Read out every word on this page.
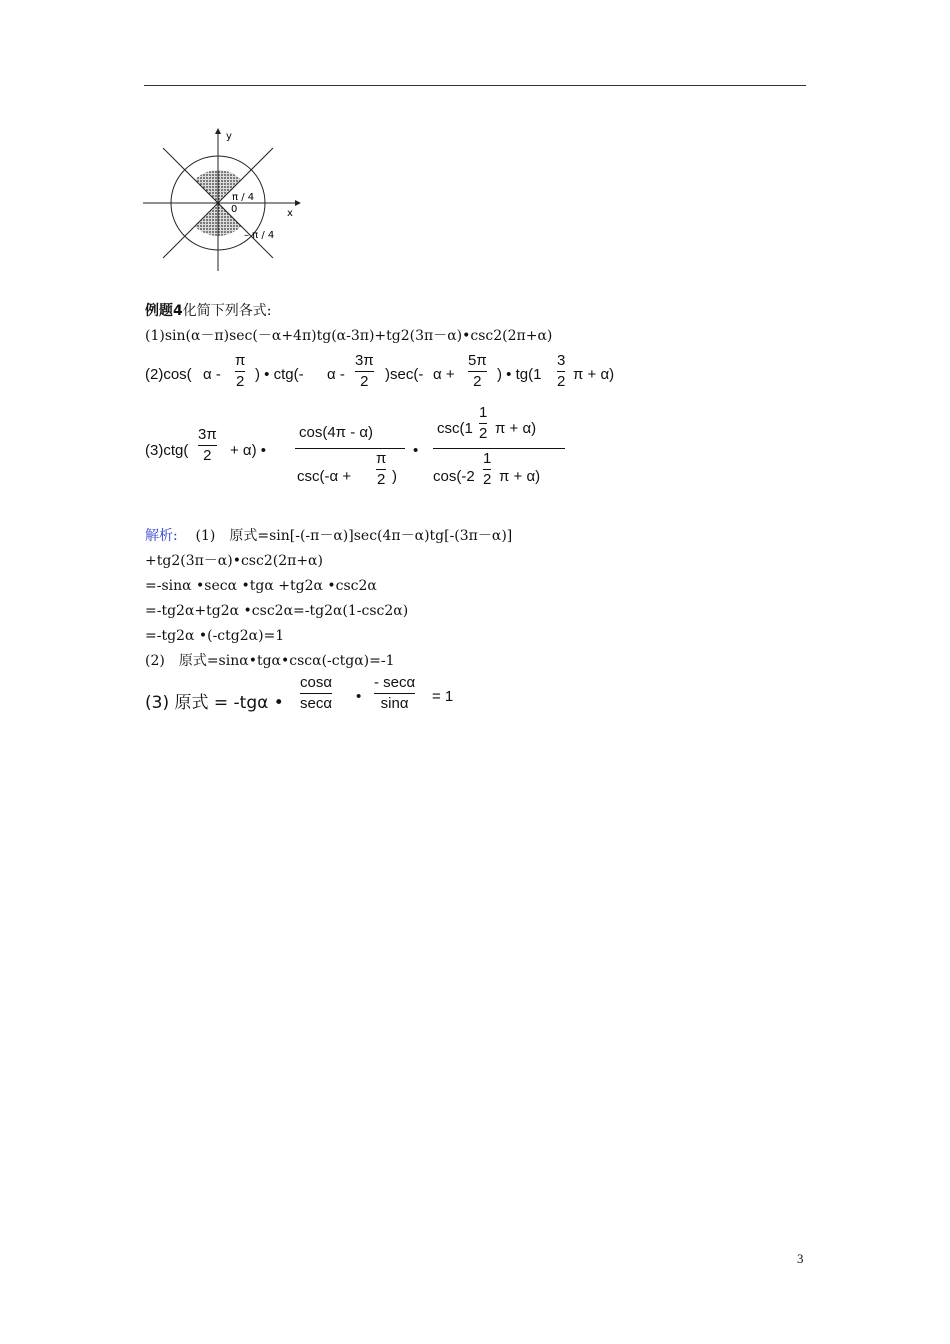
y
x
π / 4
0
– π / 4
例题4化简下列各式:
(1)sin(α－π)sec(－α+4π)tg(α-3π)+tg2(3π－α)•csc2(2π+α)
(2)cos( α -
π
2 ) • ctg(- α -
3π
2 )sec(- α +
5π
2 ) • tg(1
3
2 π + α)
(3)ctg(
3π
2 + α) •
cos(4π - α)
csc(-α +
π
2 )
•
csc(1
1
2 π + α)
cos(-2
1
2 π + α)
解析: (1)　原式=sin[-(-π－α)]sec(4π－α)tg[-(3π－α)]
+tg2(3π－α)•csc2(2π+α)
=-sinα •secα •tgα +tg2α •csc2α
=-tg2α+tg2α •csc2α=-tg2α(1-csc2α)
=-tg2α •(-ctg2α)=1
(2)　原式=sinα•tgα•cscα(-ctgα)=-1
(3) 原式 = -tgα •
cosα
secα •
- secα
sinα = 1
3
